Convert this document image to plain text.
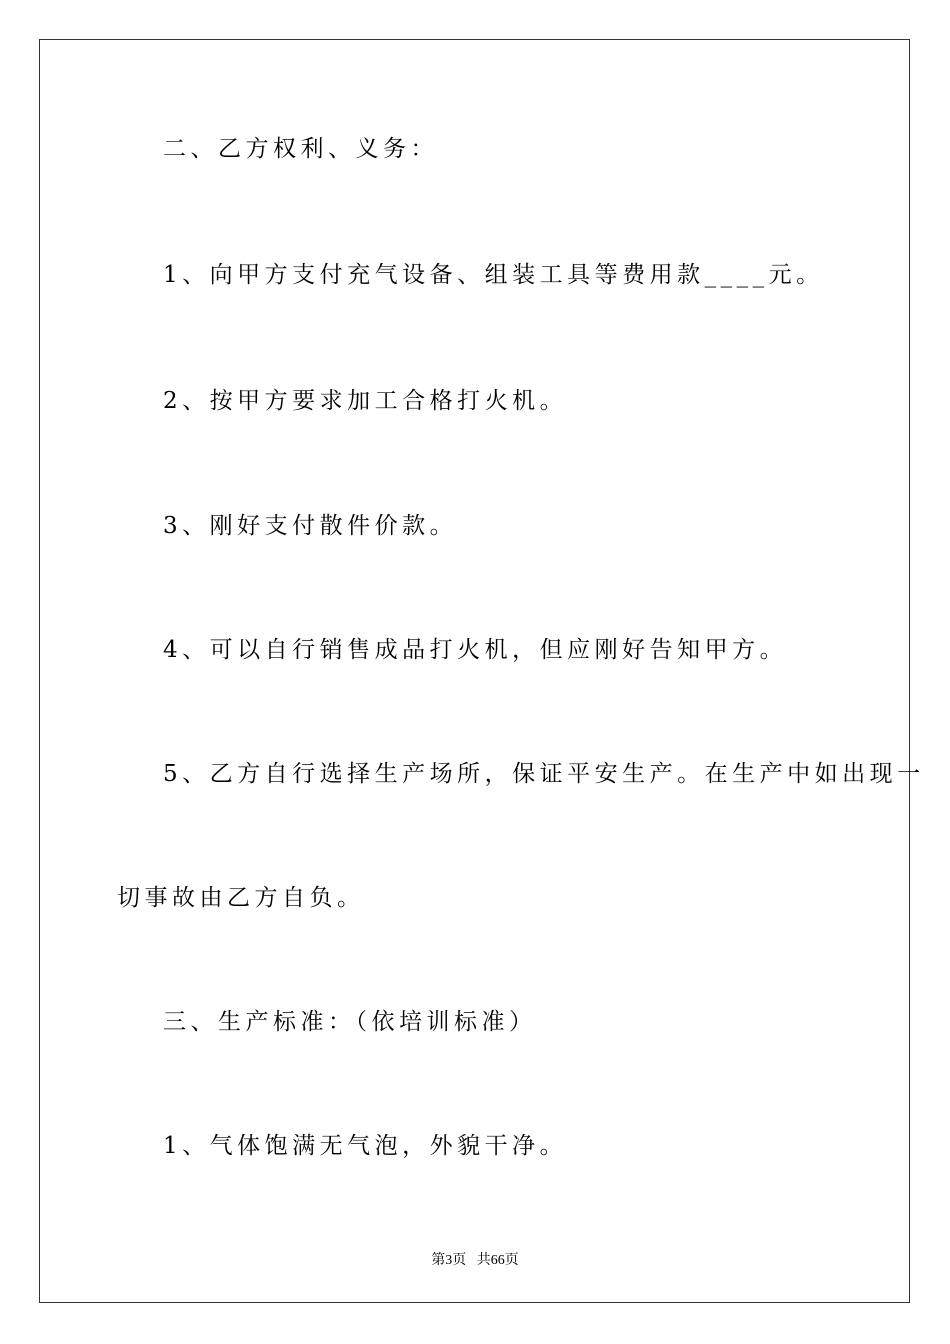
二、乙方权利、义务：
1、向甲方支付充气设备、组装工具等费用款____元。
2、按甲方要求加工合格打火机。
3、刚好支付散件价款。
4、可以自行销售成品打火机，但应刚好告知甲方。
5、乙方自行选择生产场所，保证平安生产。在生产中如出现一
切事故由乙方自负。
三、生产标准：（依培训标准）
1、气体饱满无气泡，外貌干净。
第3页   共66页
